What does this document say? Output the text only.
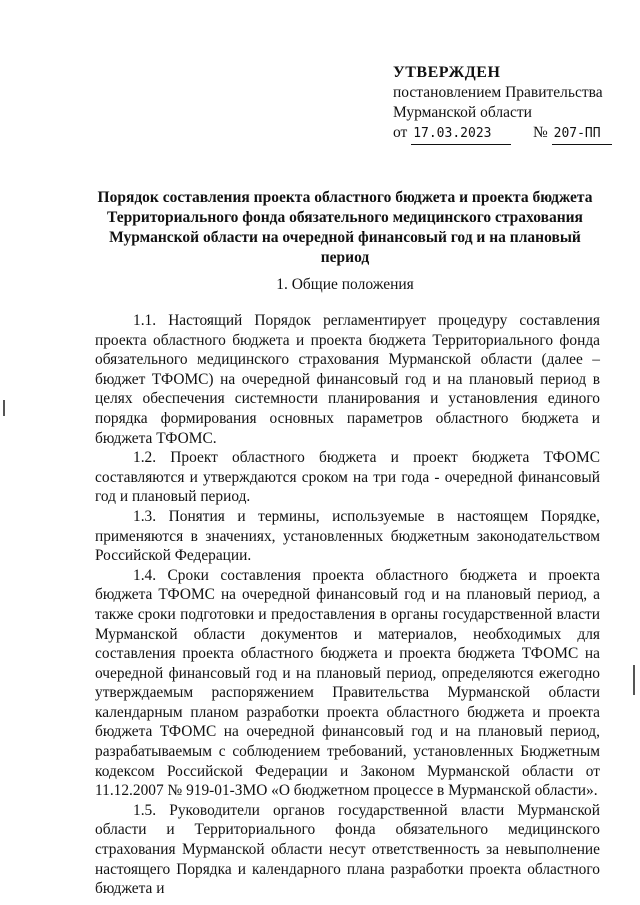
УТВЕРЖДЕН
постановлением Правительства
Мурманской области
от 17.03.2023	№ 207-ПП
Порядок составления проекта областного бюджета и проекта бюджета Территориального фонда обязательного медицинского страхования Мурманской области на очередной финансовый год и на плановый период
1. Общие положения

1.1. Настоящий Порядок регламентирует процедуру составления проекта областного бюджета и проекта бюджета Территориального фонда обязательного медицинского страхования Мурманской области (далее – бюджет ТФОМС) на очередной финансовый год и на плановый период в целях обеспечения системности планирования и установления единого порядка формирования основных параметров областного бюджета и бюджета ТФОМС.

1.2. Проект областного бюджета и проект бюджета ТФОМС составляются и утверждаются сроком на три года - очередной финансовый год и плановый период.

1.3. Понятия и термины, используемые в настоящем Порядке, применяются в значениях, установленных бюджетным законодательством Российской Федерации.

1.4. Сроки составления проекта областного бюджета и проекта бюджета ТФОМС на очередной финансовый год и на плановый период, а также сроки подготовки и предоставления в органы государственной власти Мурманской области документов и материалов, необходимых для составления проекта областного бюджета и проекта бюджета ТФОМС на очередной финансовый год и на плановый период, определяются ежегодно утверждаемым распоряжением Правительства Мурманской области календарным планом разработки проекта областного бюджета и проекта бюджета ТФОМС на очередной финансовый год и на плановый период, разрабатываемым с соблюдением требований, установленных Бюджетным кодексом Российской Федерации и Законом Мурманской области от 11.12.2007 № 919-01-ЗМО «О бюджетном процессе в Мурманской области».

1.5. Руководители органов государственной власти Мурманской области и Территориального фонда обязательного медицинского страхования Мурманской области несут ответственность за невыполнение настоящего Порядка и календарного плана разработки проекта областного бюджета и
